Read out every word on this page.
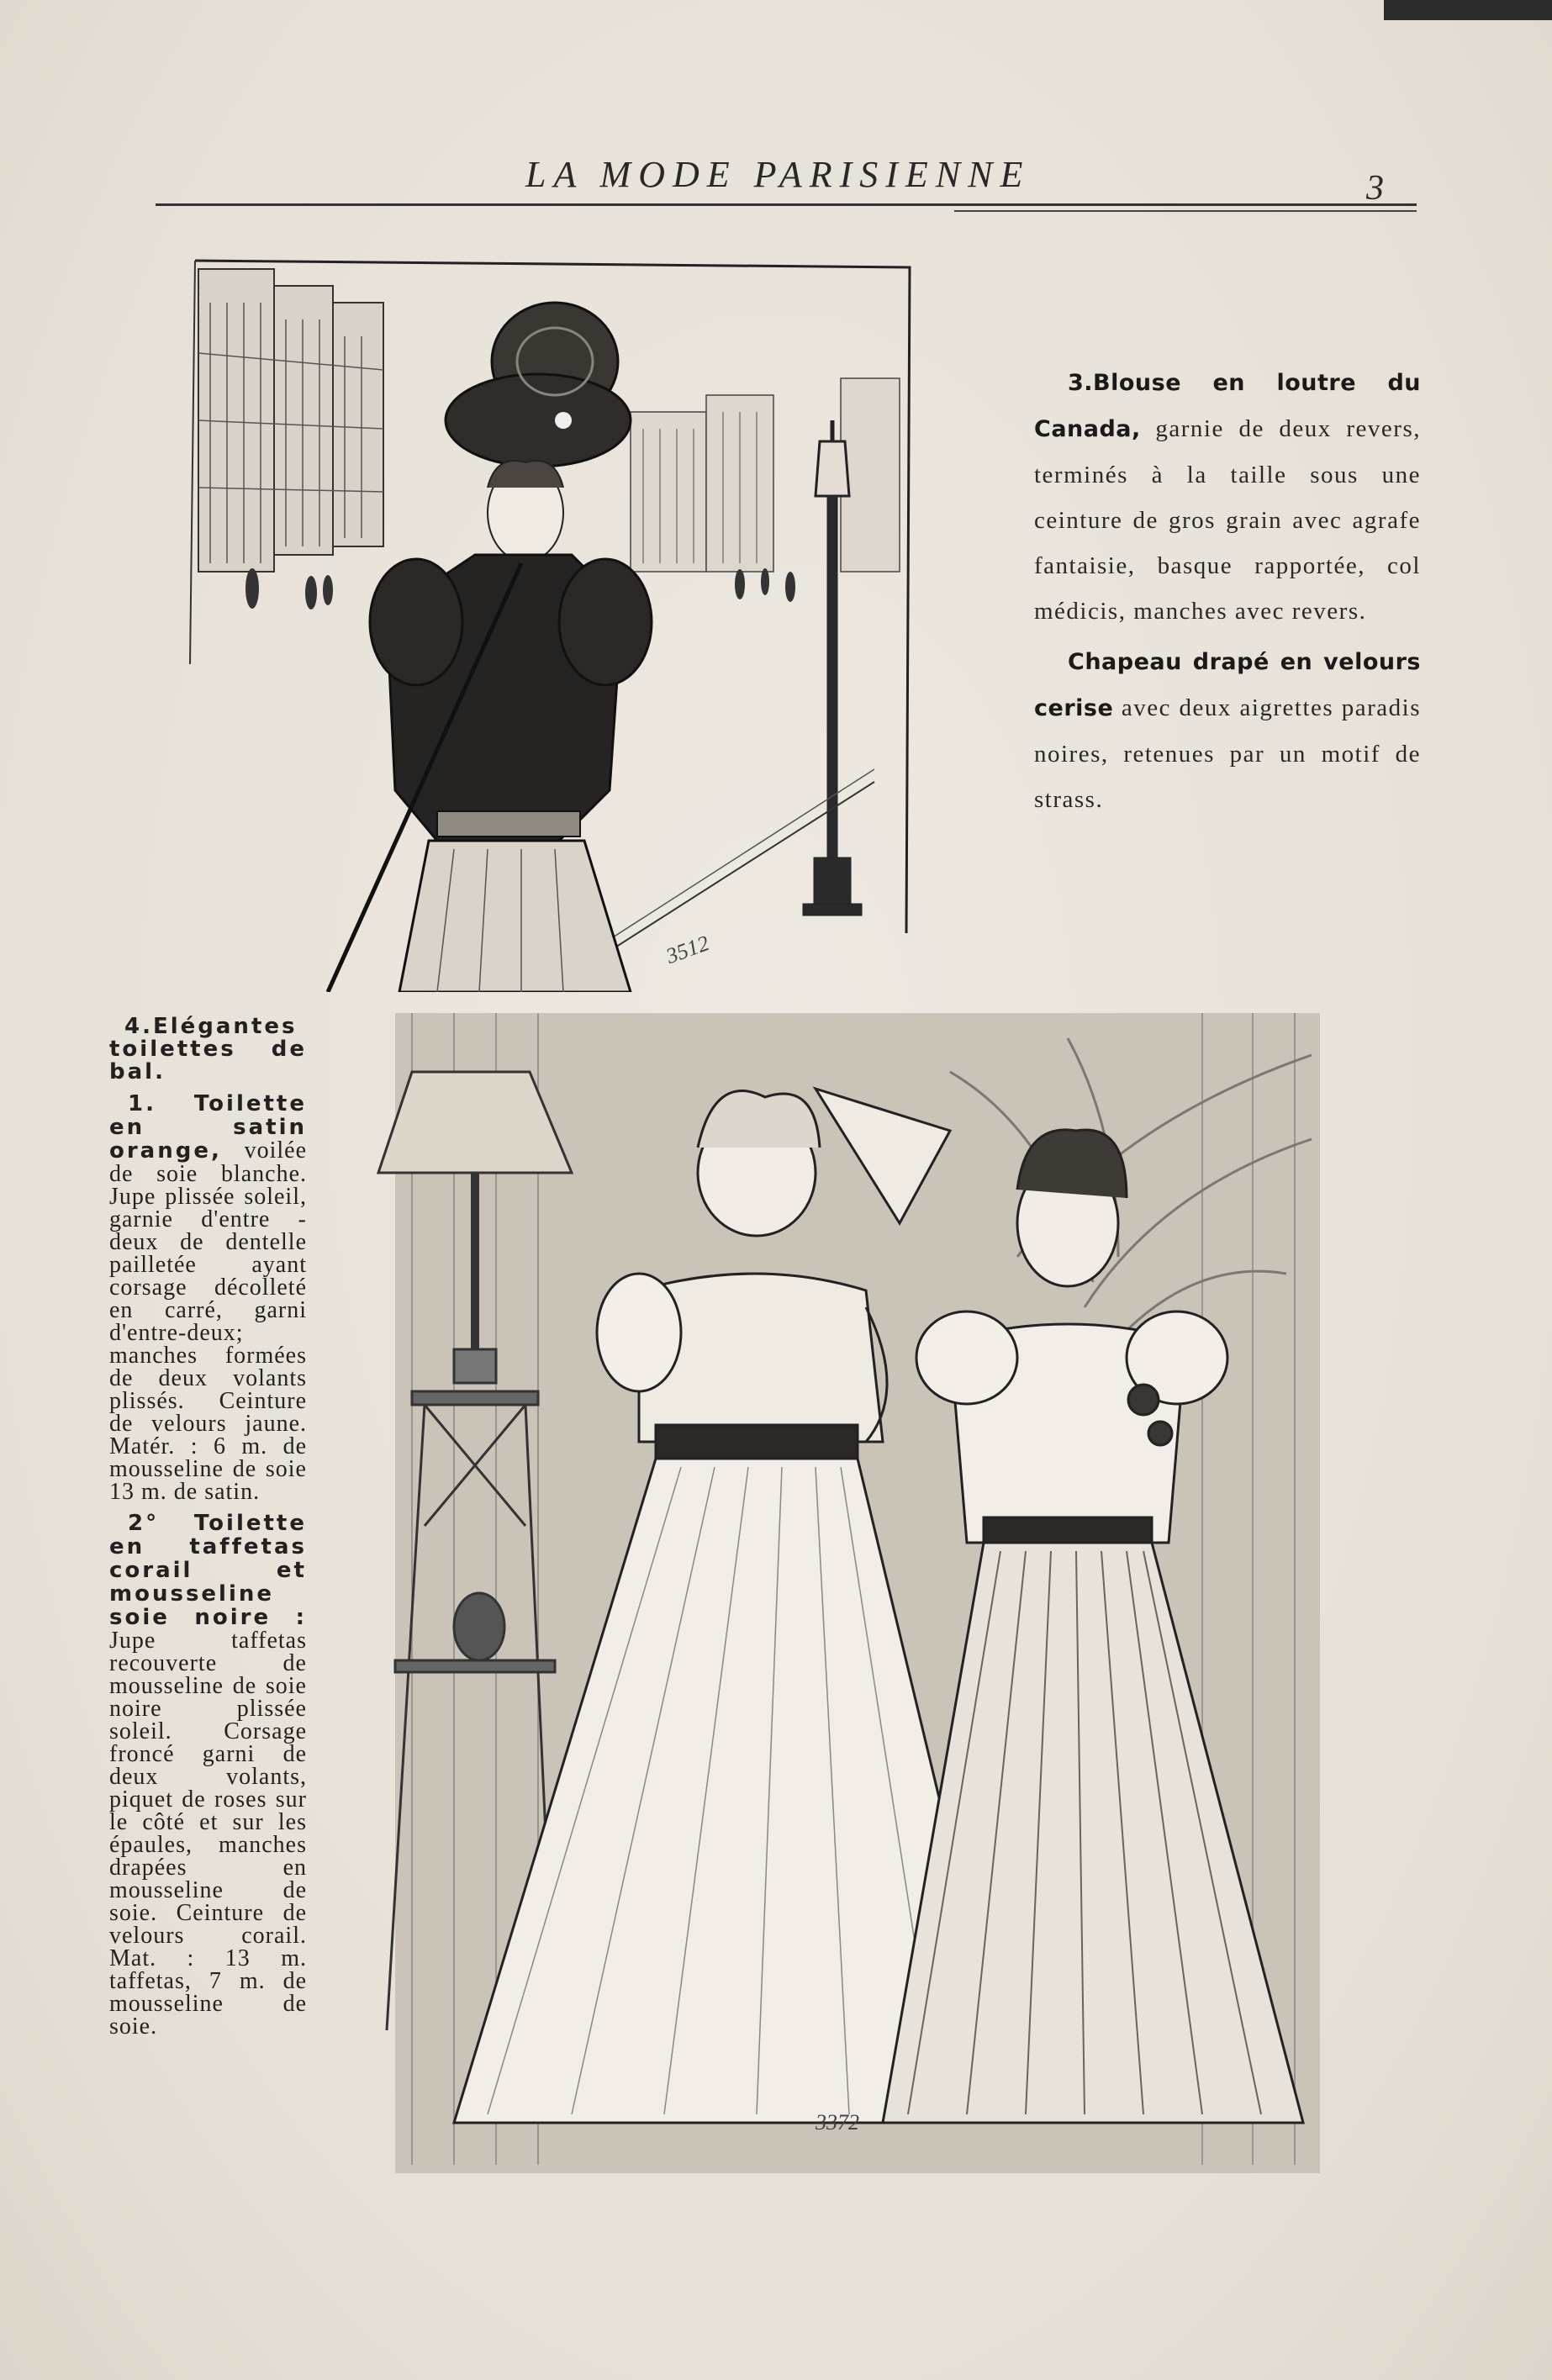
LA MODE PARISIENNE	3
3512

3.Blouse en loutre du Canada, garnie de deux revers, terminés à la taille sous une ceinture de gros grain avec agrafe fantaisie, basque rapportée, col médicis, manches avec revers.

Chapeau drapé en velours cerise avec deux aigrettes paradis noires, retenues par un motif de strass.

4.Elégantes toilettes de bal.

1. Toilette en satin orange, voilée de soie blanche. Jupe plissée soleil, garnie d'entre - deux de dentelle pailletée ayant corsage décolleté en carré, garni d'entre-deux; manches formées de deux volants plissés. Ceinture de velours jaune. Matér. : 6 m. de mousseline de soie 13 m. de satin.

2° Toilette en taffetas corail et mousseline soie noire : Jupe taffetas recouverte de mousseline de soie noire plissée soleil. Corsage froncé garni de deux volants, piquet de roses sur le côté et sur les épaules, manches drapées en mousseline de soie. Ceinture de velours corail. Mat. : 13 m. taffetas, 7 m. de mousseline de soie.

3372
